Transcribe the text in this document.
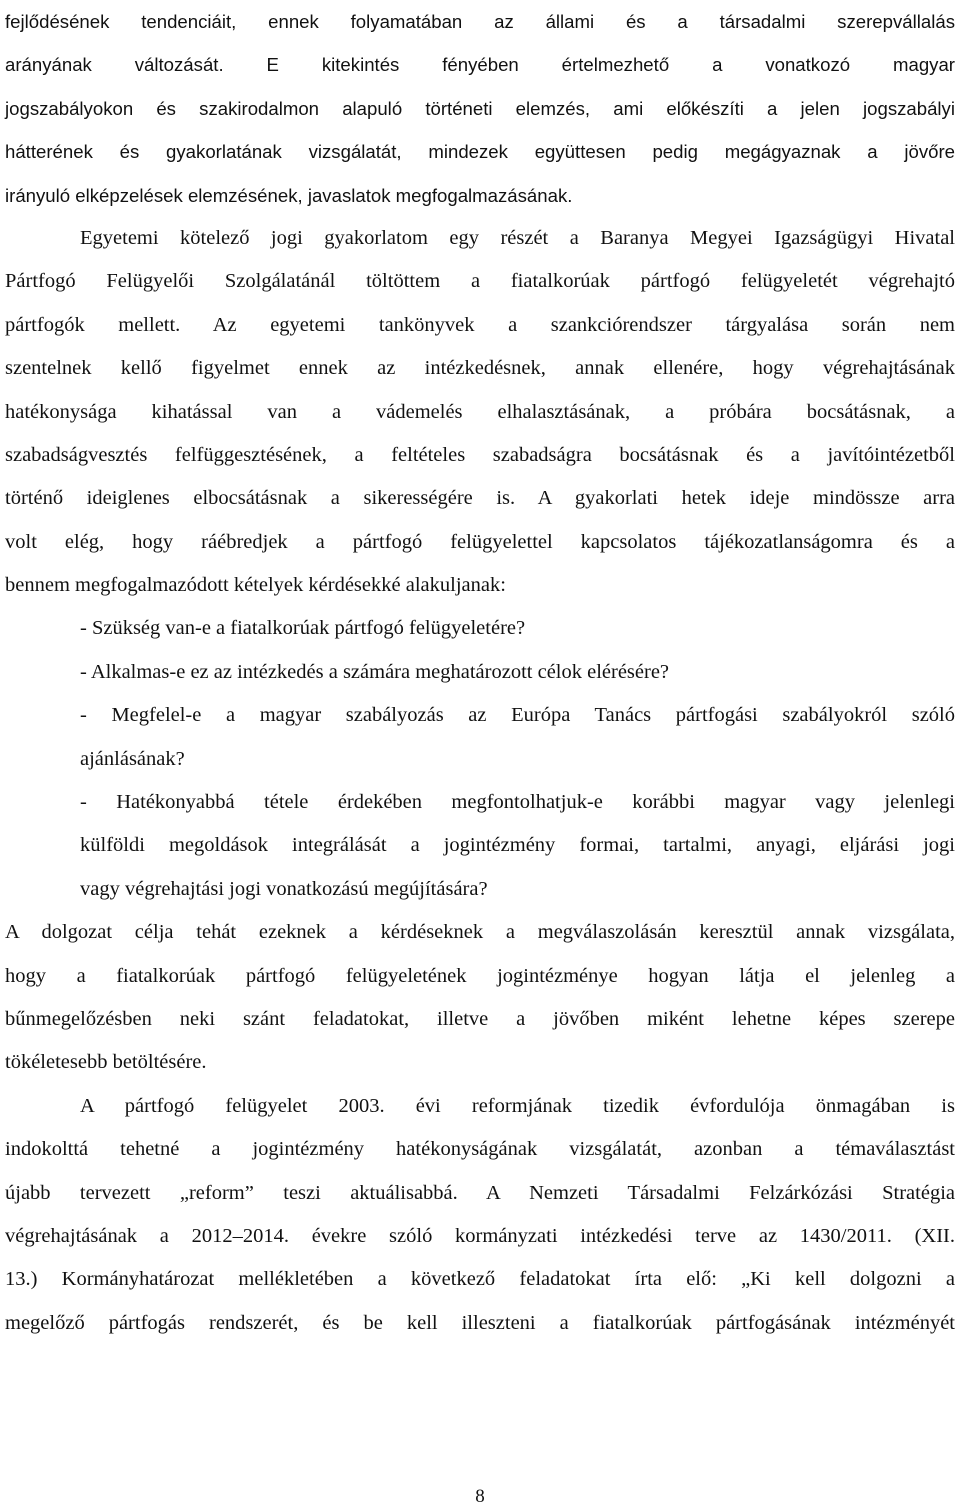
fejlődésének tendenciáit, ennek folyamatában az állami és a társadalmi szerepvállalás
arányának változását. E kitekintés fényében értelmezhető a vonatkozó magyar
jogszabályokon és szakirodalmon alapuló történeti elemzés, ami előkészíti a jelen jogszabályi
hátterének és gyakorlatának vizsgálatát, mindezek együttesen pedig megágyaznak a jövőre
irányuló elképzelések elemzésének, javaslatok megfogalmazásának.
Egyetemi kötelező jogi gyakorlatom egy részét a Baranya Megyei Igazságügyi Hivatal
Pártfogó Felügyelői Szolgálatánál töltöttem a fiatalkorúak pártfogó felügyeletét végrehajtó
pártfogók mellett. Az egyetemi tankönyvek a szankciórendszer tárgyalása során nem
szentelnek kellő figyelmet ennek az intézkedésnek, annak ellenére, hogy végrehajtásának
hatékonysága kihatással van a vádemelés elhalasztásának, a próbára bocsátásnak, a
szabadságvesztés felfüggesztésének, a feltételes szabadságra bocsátásnak és a javítóintézetből
történő ideiglenes elbocsátásnak a sikerességére is. A gyakorlati hetek ideje mindössze arra
volt elég, hogy ráébredjek a pártfogó felügyelettel kapcsolatos tájékozatlanságomra és a
bennem megfogalmazódott kételyek kérdésekké alakuljanak:
- Szükség van-e a fiatalkorúak pártfogó felügyeletére?
- Alkalmas-e ez az intézkedés a számára meghatározott célok elérésére?
- Megfelel-e a magyar szabályozás az Európa Tanács pártfogási szabályokról szóló
ajánlásának?
- Hatékonyabbá tétele érdekében megfontolhatjuk-e korábbi magyar vagy jelenlegi
külföldi megoldások integrálását a jogintézmény formai, tartalmi, anyagi, eljárási jogi
vagy végrehajtási jogi vonatkozású megújítására?
A dolgozat célja tehát ezeknek a kérdéseknek a megválaszolásán keresztül annak vizsgálata,
hogy a fiatalkorúak pártfogó felügyeletének jogintézménye hogyan látja el jelenleg a
bűnmegelőzésben neki szánt feladatokat, illetve a jövőben miként lehetne képes szerepe
tökéletesebb betöltésére.
A pártfogó felügyelet 2003. évi reformjának tizedik évfordulója önmagában is
indokolttá tehetné a jogintézmény hatékonyságának vizsgálatát, azonban a témaválasztást
újabb tervezett „reform” teszi aktuálisabbá. A Nemzeti Társadalmi Felzárkózási Stratégia
végrehajtásának a 2012–2014. évekre szóló kormányzati intézkedési terve az 1430/2011. (XII.
13.) Kormányhatározat mellékletében a következő feladatokat írta elő: „Ki kell dolgozni a
megelőző pártfogás rendszerét, és be kell illeszteni a fiatalkorúak pártfogásának intézményét
8
